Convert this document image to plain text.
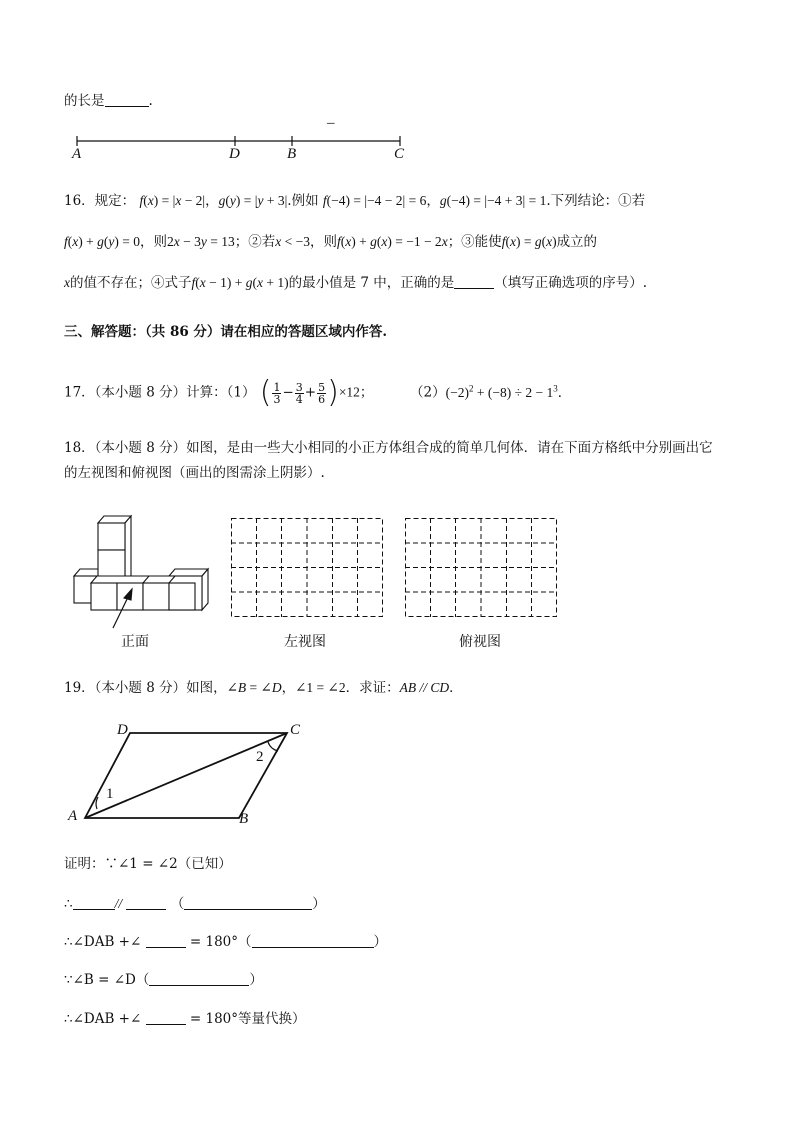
的长是	.
–
A	D	B	C
16．规定： f(x) = |x − 2|，g(y) = |y + 3|.例如 f(−4) = |−4 − 2| = 6，g(−4) = |−4 + 3| = 1.下列结论：①若
f(x) + g(y) = 0，则2x − 3y = 13；②若x < −3，则f(x) + g(x) = −1 − 2x；③能使f(x) = g(x)成立的
x的值不存在；④式子f(x − 1) + g(x + 1)的最小值是 7 中，正确的是	（填写正确选项的序号）.
三、解答题：（共 86 分）请在相应的答题区域内作答.
17．（本小题 8 分）计算：（1） ( $\frac{1}{3} - \frac{3}{4} + \frac{5}{6} )\times 12$；	$(2)(-2)^2 + (-8) \div 2 - 1^3$．
18．（本小题 8 分）如图，是由一些大小相同的小正方体组合成的简单几何体．请在下面方格纸中分别画出它
的左视图和俯视图（画出的图需涂上阴影）.
正面	左视图	俯视图
19．（本小题 8 分）如图，∠B = ∠D，∠1 = ∠2．求证：AB // CD．
D	C
A	B
1
2
证明：∵∠1 = ∠2（已知）
∴	//	（	）
∴∠DAB +∠	= 180°（	）
∵∠B = ∠D（	）
∴∠DAB +∠	= 180°等量代换）
